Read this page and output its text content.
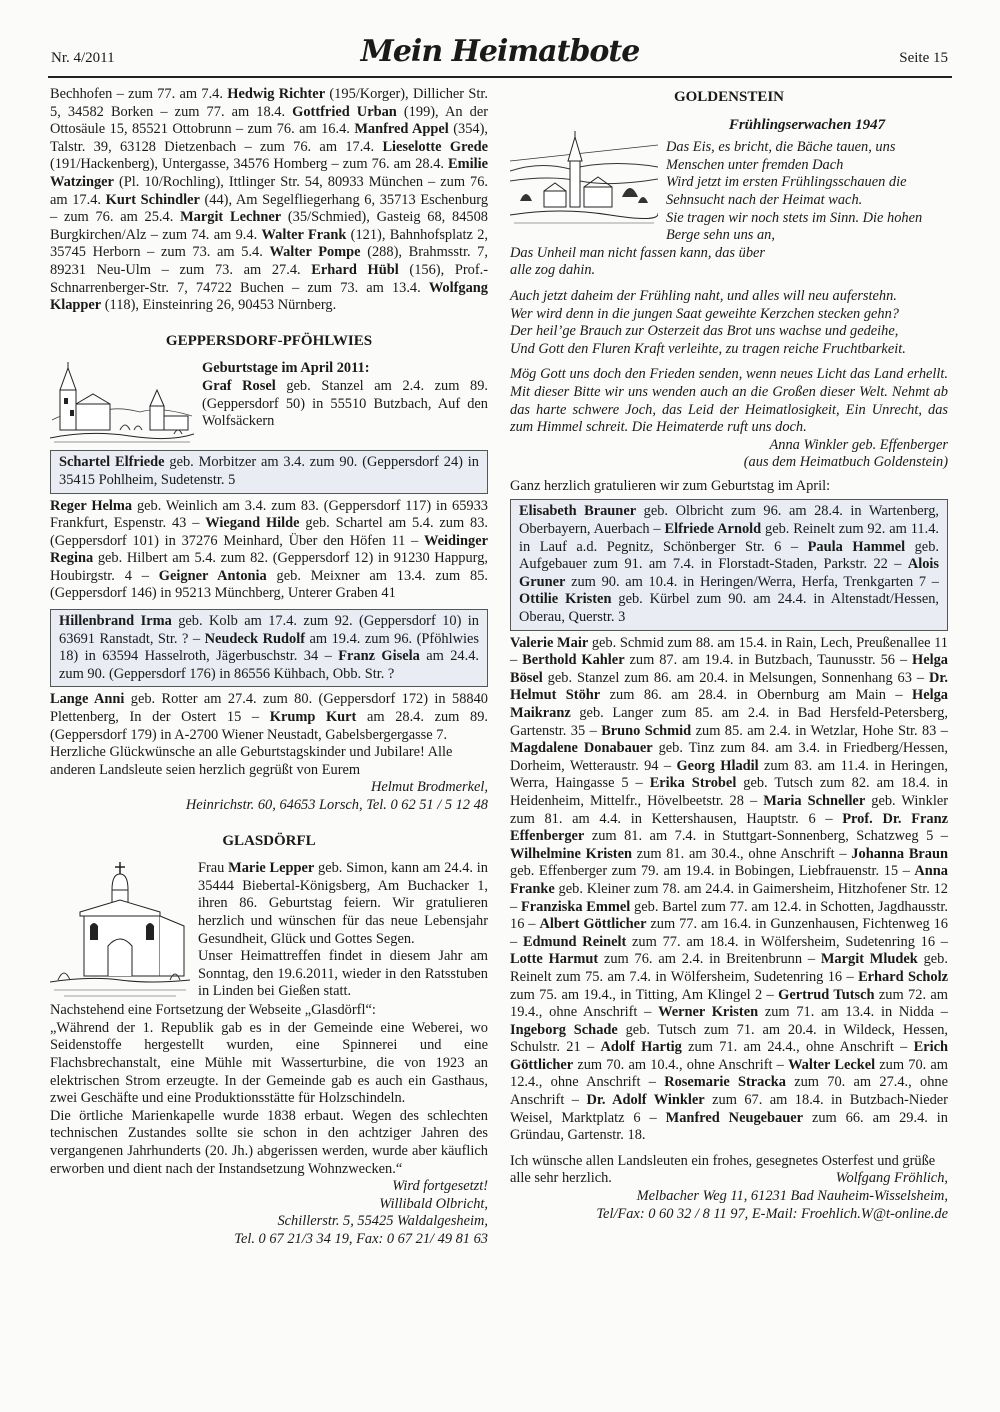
Nr. 4/2011	Mein Heimatbote	Seite 15

Bechhofen – zum 77. am 7.4. Hedwig Richter (195/Korger), Dillicher Str. 5, 34582 Borken – zum 77. am 18.4. Gottfried Urban (199), An der Ottosäule 15, 85521 Ottobrunn – zum 76. am 16.4. Manfred Appel (354), Talstr. 39, 63128 Dietzenbach – zum 76. am 17.4. Lieselotte Grede (191/Hackenberg), Untergasse, 34576 Homberg – zum 76. am 28.4. Emilie Watzinger (Pl. 10/Rochling), Ittlinger Str. 54, 80933 München – zum 76. am 17.4. Kurt Schindler (44), Am Segelfliegerhang 6, 35713 Eschenburg – zum 76. am 25.4. Margit Lechner (35/Schmied), Gasteig 68, 84508 Burgkirchen/Alz – zum 74. am 9.4. Walter Frank (121), Bahnhofsplatz 2, 35745 Herborn – zum 73. am 5.4. Walter Pompe (288), Brahmsstr. 7, 89231 Neu-Ulm – zum 73. am 27.4. Erhard Hübl (156), Prof.-Schnarrenberger-Str. 7, 74722 Buchen – zum 73. am 13.4. Wolfgang Klapper (118), Einsteinring 26, 90453 Nürnberg.

GEPPERSDORF-PFÖHLWIES

Geburtstage im April 2011:

Graf Rosel geb. Stanzel am 2.4. zum 89. (Geppersdorf 50) in 55510 Butzbach, Auf den Wolfsäckern

Schartel Elfriede geb. Morbitzer am 3.4. zum 90. (Geppersdorf 24) in 35415 Pohlheim, Sudetenstr. 5

Reger Helma geb. Weinlich am 3.4. zum 83. (Geppersdorf 117) in 65933 Frankfurt, Espenstr. 43 – Wiegand Hilde geb. Schartel am 5.4. zum 83. (Geppersdorf 101) in 37276 Meinhard, Über den Höfen 11 – Weidinger Regina geb. Hilbert am 5.4. zum 82. (Geppersdorf 12) in 91230 Happurg, Houbirgstr. 4 – Geigner Antonia geb. Meixner am 13.4. zum 85. (Geppersdorf 146) in 95213 Münchberg, Unterer Graben 41

Hillenbrand Irma geb. Kolb am 17.4. zum 92. (Geppersdorf 10) in 63691 Ranstadt, Str. ? – Neudeck Rudolf am 19.4. zum 96. (Pföhlwies 18) in 63594 Hasselroth, Jägerbuschstr. 34 – Franz Gisela am 24.4. zum 90. (Geppersdorf 176) in 86556 Kühbach, Obb. Str. ?

Lange Anni geb. Rotter am 27.4. zum 80. (Geppersdorf 172) in 58840 Plettenberg, In der Ostert 15 – Krump Kurt am 28.4. zum 89. (Geppersdorf 179) in A-2700 Wiener Neustadt, Gabelsbergergasse 7.

Herzliche Glückwünsche an alle Geburtstagskinder und Jubilare! Alle anderen Landsleute seien herzlich gegrüßt von Eurem

Helmut Brodmerkel,

Heinrichstr. 60, 64653 Lorsch, Tel. 0 62 51 / 5 12 48

GLASDÖRFL

Frau Marie Lepper geb. Simon, kann am 24.4. in 35444 Biebertal-Königsberg, Am Buchacker 1, ihren 86. Geburtstag feiern. Wir gratulieren herzlich und wünschen für das neue Lebensjahr Gesundheit, Glück und Gottes Segen.

Unser Heimattreffen findet in diesem Jahr am Sonntag, den 19.6.2011, wieder in den Ratsstuben in Linden bei Gießen statt.

Nachstehend eine Fortsetzung der Webseite „Glasdörfl“:

„Während der 1. Republik gab es in der Gemeinde eine Weberei, wo Seidenstoffe hergestellt wurden, eine Spinnerei und eine Flachsbrechanstalt, eine Mühle mit Wasserturbine, die von 1923 an elektrischen Strom erzeugte. In der Gemeinde gab es auch ein Gasthaus, zwei Geschäfte und eine Produktionsstätte für Holzschindeln.

Die örtliche Marienkapelle wurde 1838 erbaut. Wegen des schlechten technischen Zustandes sollte sie schon in den achtziger Jahren des vergangenen Jahrhunderts (20. Jh.) abgerissen werden, wurde aber käuflich erworben und dient nach der Instandsetzung Wohnzwecken.“

Wird fortgesetzt!

Willibald Olbricht,

Schillerstr. 5, 55425 Waldalgesheim,

Tel. 0 67 21/3 34 19, Fax: 0 67 21/ 49 81 63

GOLDENSTEIN
Frühlingserwachen 1947
Das Eis, es bricht, die Bäche tauen, uns
Menschen unter fremden Dach
Wird jetzt im ersten Frühlingsschauen die
Sehnsucht nach der Heimat wach.
Sie tragen wir noch stets im Sinn. Die hohen
Berge sehn uns an,
Das Unheil man nicht fassen kann, das über
alle zog dahin.
Auch jetzt daheim der Frühling naht, und alles will neu auferstehn.
Wer wird denn in die jungen Saat geweihte Kerzchen stecken gehn?
Der heil’ge Brauch zur Osterzeit das Brot uns wachse und gedeihe,
Und Gott den Fluren Kraft verleihte, zu tragen reiche Fruchtbarkeit.

Mög Gott uns doch den Frieden senden, wenn neues Licht das Land erhellt. Mit dieser Bitte wir uns wenden auch an die Großen dieser Welt. Nehmt ab das harte schwere Joch, das Leid der Heimatlosigkeit, Ein Unrecht, das zum Himmel schreit. Die Heimaterde ruft uns doch.

Anna Winkler geb. Effenberger

(aus dem Heimatbuch Goldenstein)

Ganz herzlich gratulieren wir zum Geburtstag im April:

Elisabeth Brauner geb. Olbricht zum 96. am 28.4. in Wartenberg, Oberbayern, Auerbach – Elfriede Arnold geb. Reinelt zum 92. am 11.4. in Lauf a.d. Pegnitz, Schönberger Str. 6 – Paula Hammel geb. Aufgebauer zum 91. am 7.4. in Florstadt-Staden, Parkstr. 22 – Alois Gruner zum 90. am 10.4. in Heringen/Werra, Herfa, Trenkgarten 7 – Ottilie Kristen geb. Kürbel zum 90. am 24.4. in Altenstadt/Hessen, Oberau, Querstr. 3

Valerie Mair geb. Schmid zum 88. am 15.4. in Rain, Lech, Preußenallee 11 – Berthold Kahler zum 87. am 19.4. in Butzbach, Taunusstr. 56 – Helga Bösel geb. Stanzel zum 86. am 20.4. in Melsungen, Sonnenhang 63 – Dr. Helmut Stöhr zum 86. am 28.4. in Obernburg am Main – Helga Maikranz geb. Langer zum 85. am 2.4. in Bad Hersfeld-Petersberg, Gartenstr. 35 – Bruno Schmid zum 85. am 2.4. in Wetzlar, Hohe Str. 83 – Magdalene Donabauer geb. Tinz zum 84. am 3.4. in Friedberg/Hessen, Dorheim, Wetteraustr. 94 – Georg Hladil zum 83. am 11.4. in Heringen, Werra, Haingasse 5 – Erika Strobel geb. Tutsch zum 82. am 18.4. in Heidenheim, Mittelfr., Hövelbeetstr. 28 – Maria Schneller geb. Winkler zum 81. am 4.4. in Kettershausen, Hauptstr. 6 – Prof. Dr. Franz Effenberger zum 81. am 7.4. in Stuttgart-Sonnenberg, Schatzweg 5 – Wilhelmine Kristen zum 81. am 30.4., ohne Anschrift – Johanna Braun geb. Effenberger zum 79. am 19.4. in Bobingen, Liebfrauenstr. 15 – Anna Franke geb. Kleiner zum 78. am 24.4. in Gaimersheim, Hitzhofener Str. 12 – Franziska Emmel geb. Bartel zum 77. am 12.4. in Schotten, Jagdhausstr. 16 – Albert Göttlicher zum 77. am 16.4. in Gunzenhausen, Fichtenweg 16 – Edmund Reinelt zum 77. am 18.4. in Wölfersheim, Sudetenring 16 – Lotte Harmut zum 76. am 2.4. in Breitenbrunn – Margit Mludek geb. Reinelt zum 75. am 7.4. in Wölfersheim, Sudetenring 16 – Erhard Scholz zum 75. am 19.4., in Titting, Am Klingel 2 – Gertrud Tutsch zum 72. am 19.4., ohne Anschrift – Werner Kristen zum 71. am 13.4. in Nidda – Ingeborg Schade geb. Tutsch zum 71. am 20.4. in Wildeck, Hessen, Schulstr. 21 – Adolf Hartig zum 71. am 24.4., ohne Anschrift – Erich Göttlicher zum 70. am 10.4., ohne Anschrift – Walter Leckel zum 70. am 12.4., ohne Anschrift – Rosemarie Stracka zum 70. am 27.4., ohne Anschrift – Dr. Adolf Winkler zum 67. am 18.4. in Butzbach-Nieder Weisel, Marktplatz 6 – Manfred Neugebauer zum 66. am 29.4. in Gründau, Gartenstr. 18.

Ich wünsche allen Landsleuten ein frohes, gesegnetes Osterfest und grüße alle sehr herzlich.	Wolfgang Fröhlich,

Melbacher Weg 11, 61231 Bad Nauheim-Wisselsheim,

Tel/Fax: 0 60 32 / 8 11 97, E-Mail: Froehlich.W@t-online.de
